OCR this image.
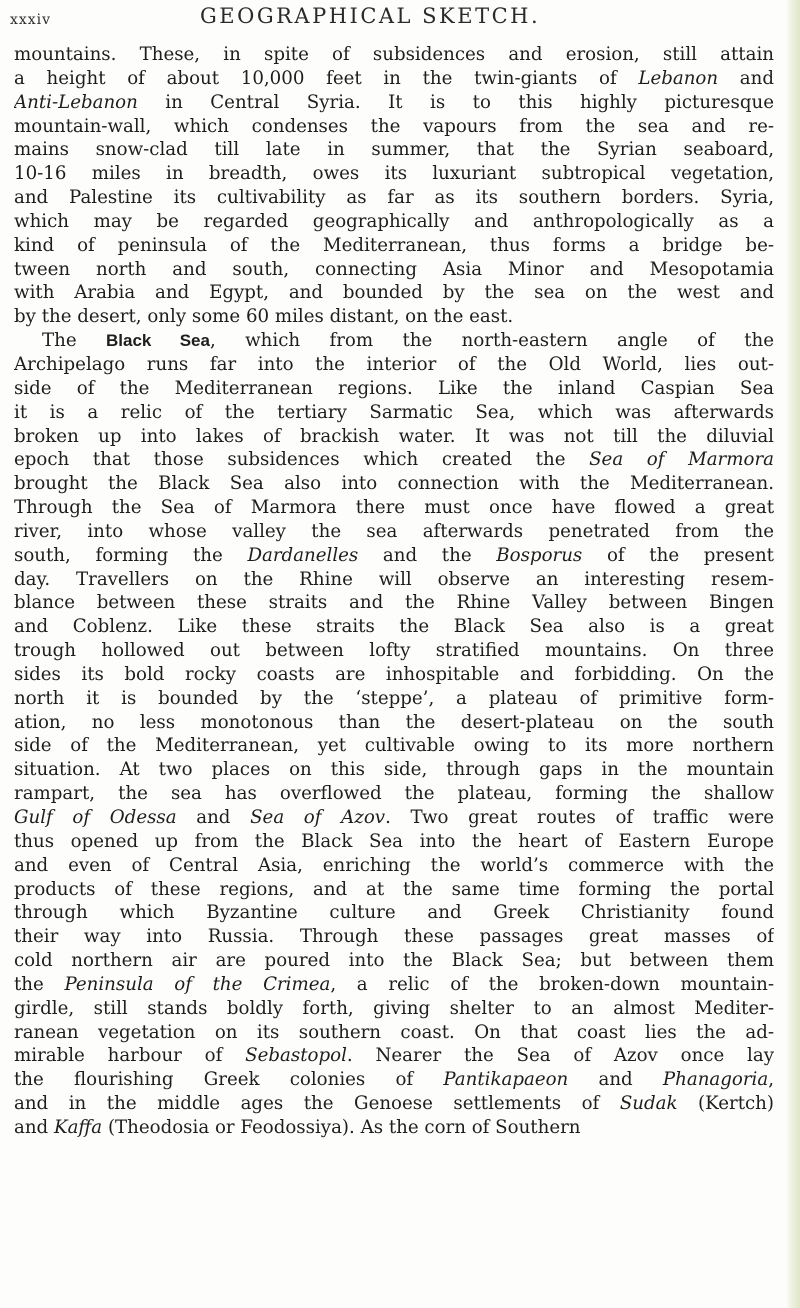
xxxiv	GEOGRAPHICAL SKETCH.
mountains. These, in spite of subsidences and erosion, still attain
a height of about 10,000 feet in the twin-giants of Lebanon and
Anti-Lebanon in Central Syria. It is to this highly picturesque
mountain-wall, which condenses the vapours from the sea and re-
mains snow-clad till late in summer, that the Syrian seaboard,
10-16 miles in breadth, owes its luxuriant subtropical vegetation,
and Palestine its cultivability as far as its southern borders. Syria,
which may be regarded geographically and anthropologically as a
kind of peninsula of the Mediterranean, thus forms a bridge be-
tween north and south, connecting Asia Minor and Mesopotamia
with Arabia and Egypt, and bounded by the sea on the west and
by the desert, only some 60 miles distant, on the east.
The Black Sea, which from the north-eastern angle of the
Archipelago runs far into the interior of the Old World, lies out-
side of the Mediterranean regions. Like the inland Caspian Sea
it is a relic of the tertiary Sarmatic Sea, which was afterwards
broken up into lakes of brackish water. It was not till the diluvial
epoch that those subsidences which created the Sea of Marmora
brought the Black Sea also into connection with the Mediterranean.
Through the Sea of Marmora there must once have flowed a great
river, into whose valley the sea afterwards penetrated from the
south, forming the Dardanelles and the Bosporus of the present
day. Travellers on the Rhine will observe an interesting resem-
blance between these straits and the Rhine Valley between Bingen
and Coblenz. Like these straits the Black Sea also is a great
trough hollowed out between lofty stratified mountains. On three
sides its bold rocky coasts are inhospitable and forbidding. On the
north it is bounded by the ‘steppe’, a plateau of primitive form-
ation, no less monotonous than the desert-plateau on the south
side of the Mediterranean, yet cultivable owing to its more northern
situation. At two places on this side, through gaps in the mountain
rampart, the sea has overflowed the plateau, forming the shallow
Gulf of Odessa and Sea of Azov. Two great routes of traffic were
thus opened up from the Black Sea into the heart of Eastern Europe
and even of Central Asia, enriching the world’s commerce with the
products of these regions, and at the same time forming the portal
through which Byzantine culture and Greek Christianity found
their way into Russia. Through these passages great masses of
cold northern air are poured into the Black Sea; but between them
the Peninsula of the Crimea, a relic of the broken-down mountain-
girdle, still stands boldly forth, giving shelter to an almost Mediter-
ranean vegetation on its southern coast. On that coast lies the ad-
mirable harbour of Sebastopol. Nearer the Sea of Azov once lay
the flourishing Greek colonies of Pantikapaeon and Phanagoria,
and in the middle ages the Genoese settlements of Sudak (Kertch)
and Kaffa (Theodosia or Feodossiya). As the corn of Southern
